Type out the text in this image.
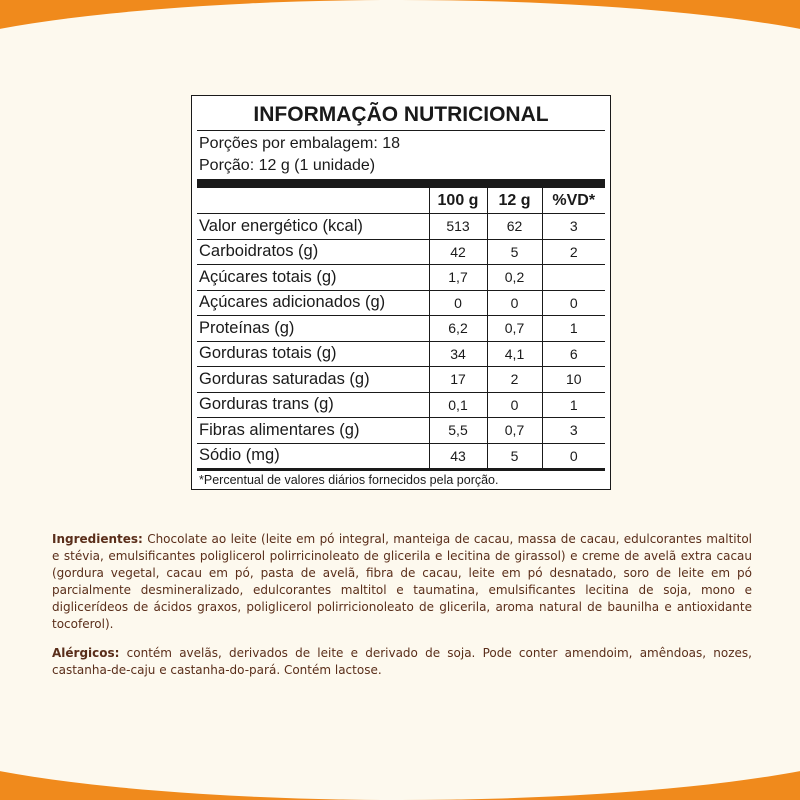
INFORMAÇÃO NUTRICIONAL
Porções por embalagem: 18
Porção: 12 g (1 unidade)
	100 g	12 g	%VD*
Valor energético (kcal)	513	62	3
Carboidratos (g)	42	5	2
Açúcares totais (g)	1,7	0,2	
Açúcares adicionados (g)	0	0	0
Proteínas (g)	6,2	0,7	1
Gorduras totais (g)	34	4,1	6
Gorduras saturadas (g)	17	2	10
Gorduras trans (g)	0,1	0	1
Fibras alimentares (g)	5,5	0,7	3
Sódio (mg)	43	5	0
*Percentual de valores diários fornecidos pela porção.

Ingredientes: Chocolate ao leite (leite em pó integral, manteiga de cacau, massa de cacau, edulcorantes maltitol e stévia, emulsificantes poliglicerol polirricinoleato de glicerila e lecitina de girassol) e creme de avelã extra cacau (gordura vegetal, cacau em pó, pasta de avelã, fibra de cacau, leite em pó desnatado, soro de leite em pó parcialmente desmineralizado, edulcorantes maltitol e taumatina, emulsificantes lecitina de soja, mono e diglicerídeos de ácidos graxos, poliglicerol polirricionoleato de glicerila, aroma natural de baunilha e antioxidante tocoferol).

Alérgicos: contém avelãs, derivados de leite e derivado de soja. Pode conter amendoim, amêndoas, nozes, castanha-de-caju e castanha-do-pará. Contém lactose.
